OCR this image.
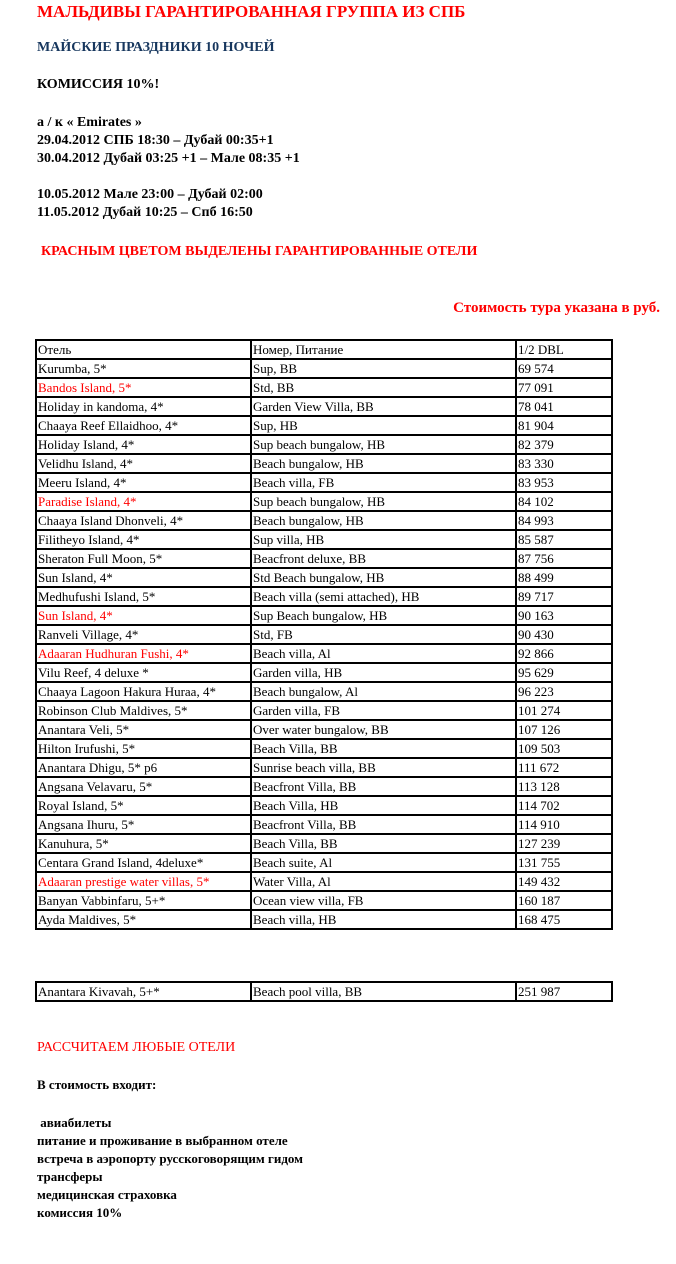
МАЛЬДИВЫ ГАРАНТИРОВАННАЯ ГРУППА ИЗ СПБ
МАЙСКИЕ ПРАЗДНИКИ 10 НОЧЕЙ
КОМИССИЯ 10%!
а / к « Emirates »
29.04.2012 СПБ 18:30 – Дубай 00:35+1
30.04.2012 Дубай 03:25 +1 – Мале 08:35 +1
10.05.2012 Мале 23:00 – Дубай 02:00
11.05.2012 Дубай 10:25 – Спб 16:50
КРАСНЫМ ЦВЕТОМ ВЫДЕЛЕНЫ ГАРАНТИРОВАННЫЕ ОТЕЛИ
Стоимость тура указана в руб.
Отель	Номер, Питание	1/2 DBL
Kurumba, 5*	Sup, BB	69 574
Bandos Island, 5*	Std, BB	77 091
Holiday in kandoma, 4*	Garden View Villa, BB	78 041
Chaaya Reef Ellaidhoo, 4*	Sup, HB	81 904
Holiday Island, 4*	Sup beach bungalow, HB	82 379
Velidhu Island, 4*	Beach bungalow, HB	83 330
Meeru Island, 4*	Beach villa, FB	83 953
Paradise Island, 4*	Sup beach bungalow, HB	84 102
Chaaya Island Dhonveli, 4*	Beach bungalow, HB	84 993
Filitheyo Island, 4*	Sup villa, HB	85 587
Sheraton Full Moon, 5*	Beacfront deluxe, BB	87 756
Sun Island, 4*	Std Beach bungalow, HB	88 499
Medhufushi Island, 5*	Beach villa (semi attached), HB	89 717
Sun Island, 4*	Sup Beach bungalow, HB	90 163
Ranveli Village, 4*	Std, FB	90 430
Adaaran Hudhuran Fushi, 4*	Beach villa, Al	92 866
Vilu Reef, 4 deluxe *	Garden villa, HB	95 629
Chaaya Lagoon Hakura Huraa, 4*	Beach bungalow, Al	96 223
Robinson Club Maldives, 5*	Garden villa, FB	101 274
Anantara Veli, 5*	Over water bungalow, BB	107 126
Hilton Irufushi, 5*	Beach Villa, BB	109 503
Anantara Dhigu, 5* p6	Sunrise beach villa, BB	111 672
Angsana Velavaru, 5*	Beacfront Villa, BB	113 128
Royal Island, 5*	Beach Villa, HB	114 702
Angsana Ihuru, 5*	Beacfront Villa, BB	114 910
Kanuhura, 5*	Beach Villa, BB	127 239
Centara Grand Island, 4deluxe*	Beach suite, Al	131 755
Adaaran prestige water villas, 5*	Water Villa, Al	149 432
Banyan Vabbinfaru, 5+*	Ocean view villa, FB	160 187
Ayda Maldives, 5*	Beach villa, HB	168 475
Anantara Kivavah, 5+*	Beach pool villa, BB	251 987
РАССЧИТАЕМ ЛЮБЫЕ ОТЕЛИ
В стоимость входит:
авиабилеты
питание и проживание в выбранном отеле
встреча в аэропорту русскоговорящим гидом
трансферы
медицинская страховка
комиссия 10%
